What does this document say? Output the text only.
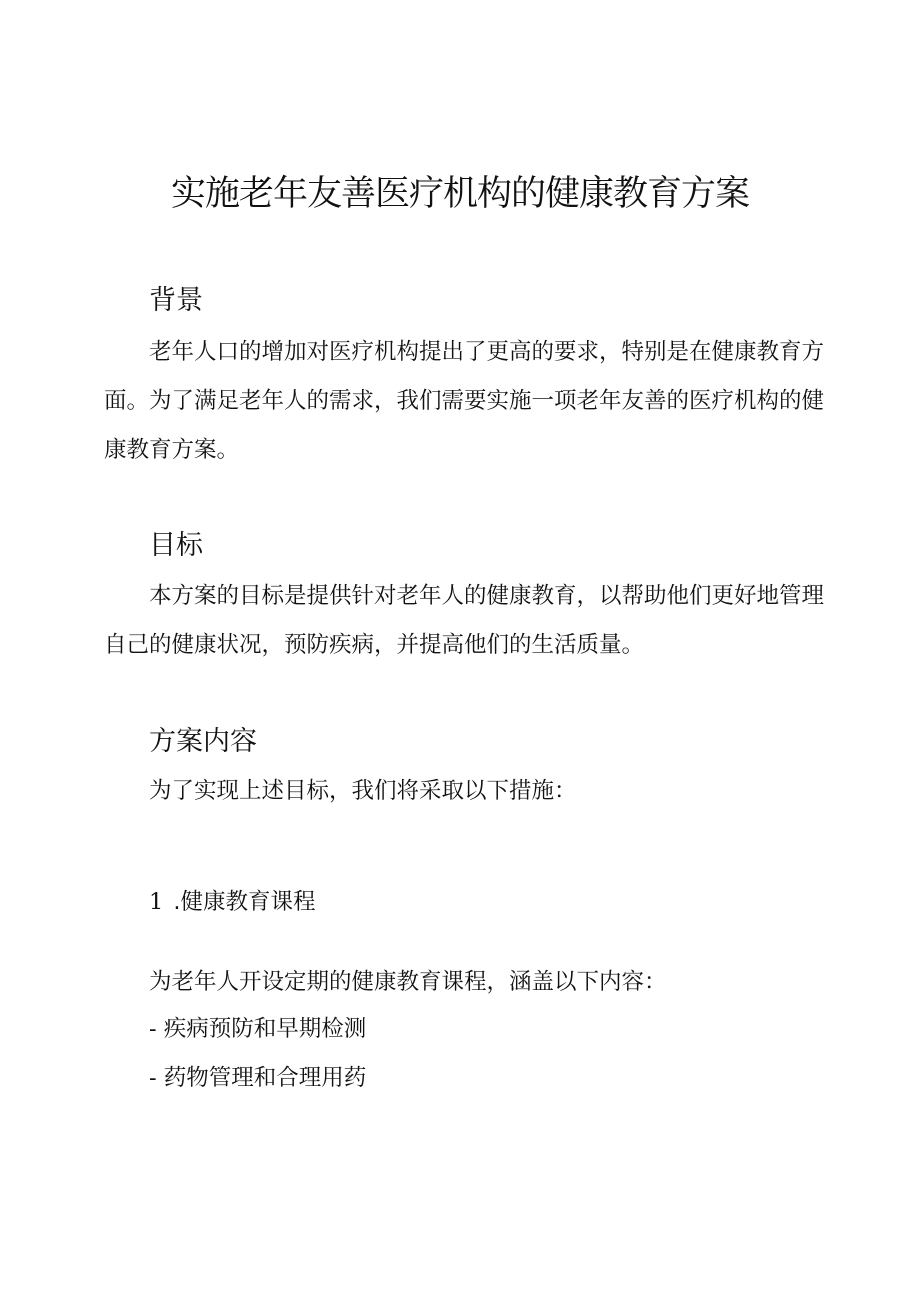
实施老年友善医疗机构的健康教育方案
背景

老年人口的增加对医疗机构提出了更高的要求，特别是在健康教育方面。为了满足老年人的需求，我们需要实施一项老年友善的医疗机构的健康教育方案。

目标

本方案的目标是提供针对老年人的健康教育，以帮助他们更好地管理自己的健康状况，预防疾病，并提高他们的生活质量。

方案内容

为了实现上述目标，我们将采取以下措施：

1 .健康教育课程

为老年人开设定期的健康教育课程，涵盖以下内容：

- 疾病预防和早期检测

- 药物管理和合理用药
